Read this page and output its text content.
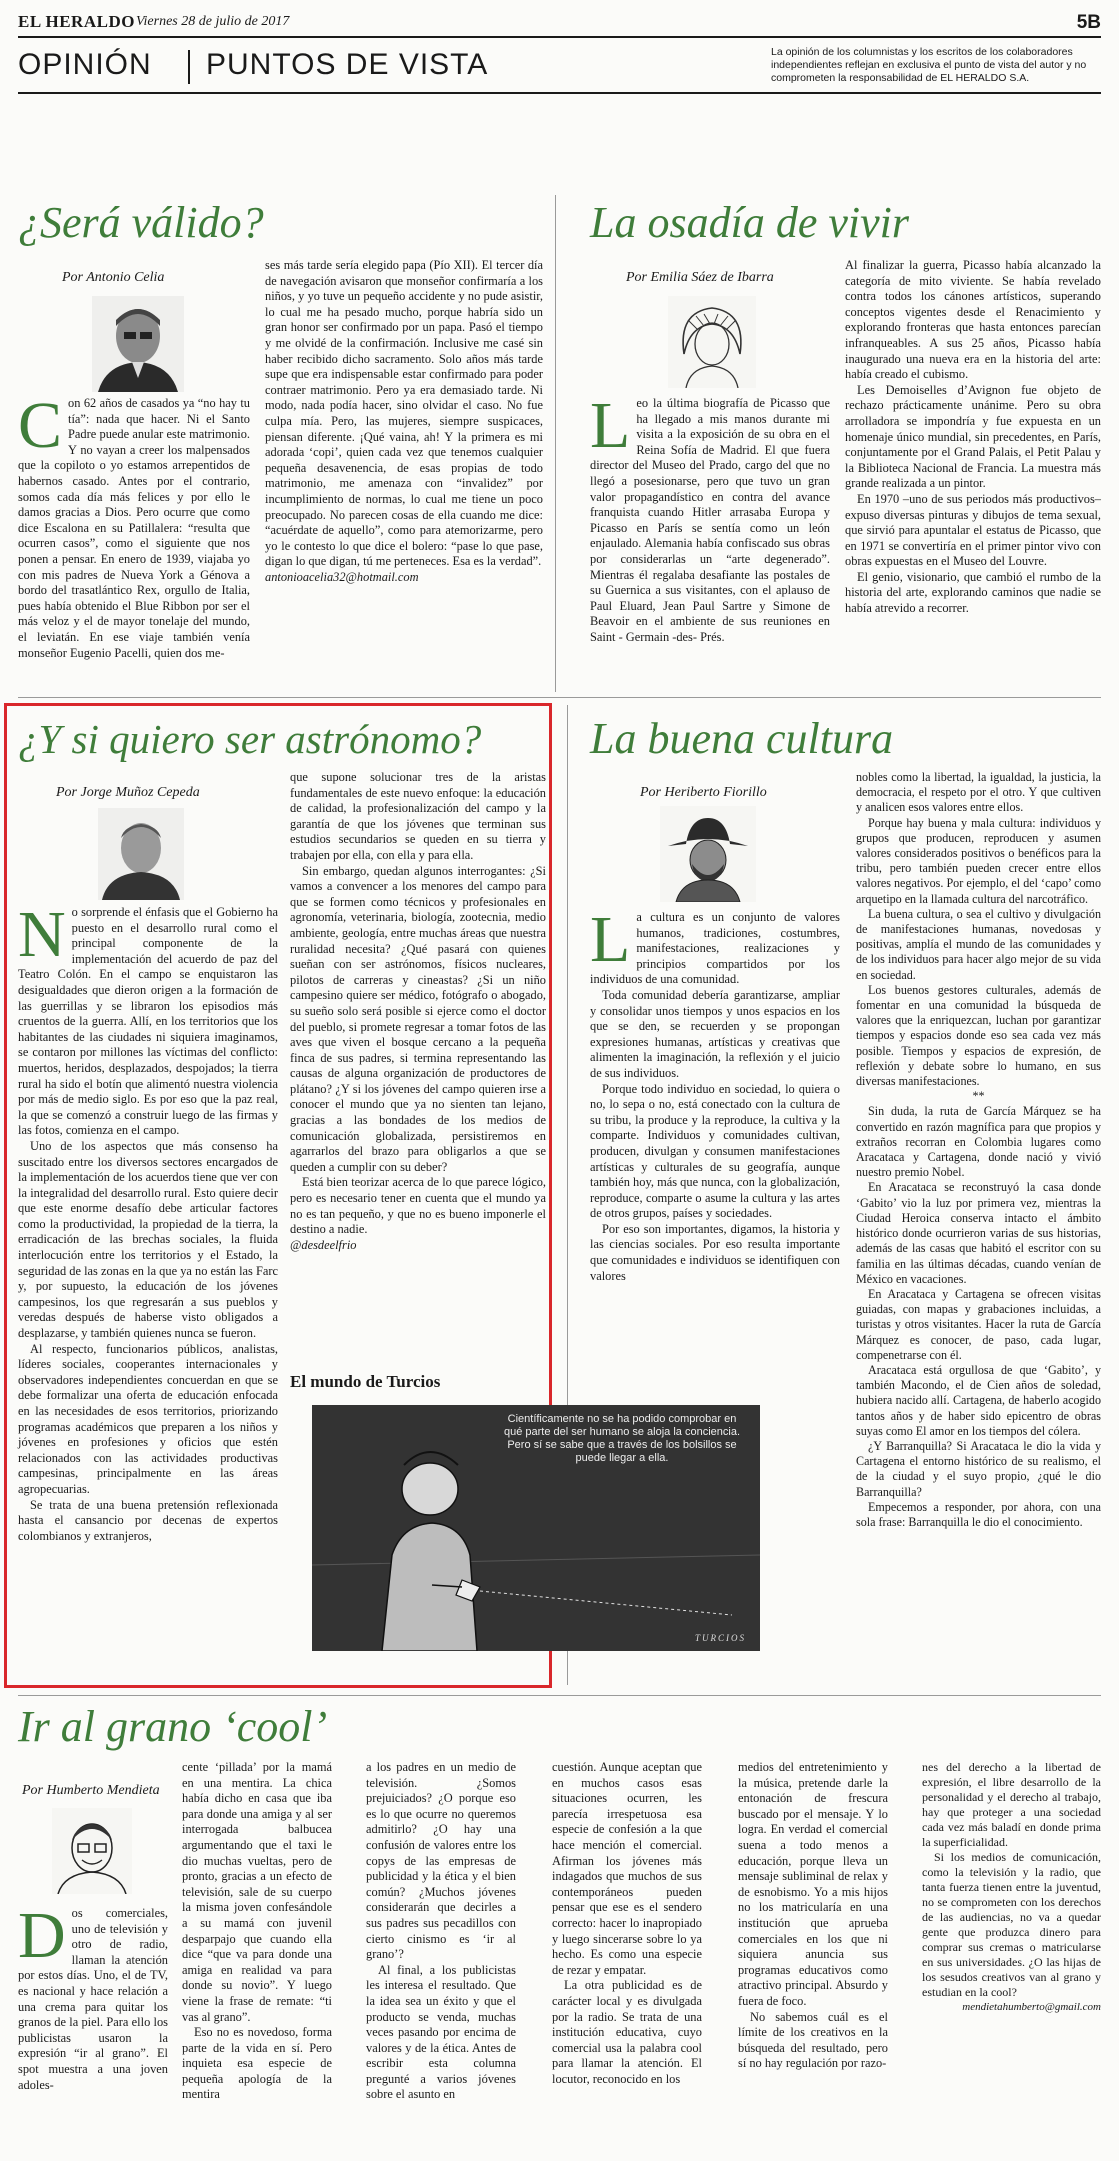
EL HERALDO Viernes 28 de julio de 2017	5B
OPINIÓN PUNTOS DE VISTA	La opinión de los columnistas y los escritos de los colaboradores independientes reflejan en exclusiva el punto de vista del autor y no comprometen la responsabilidad de EL HERALDO S.A.
¿Será válido?
Por Antonio Celia

Con 62 años de casados ya “no hay tu tía”: nada que hacer. Ni el Santo Padre puede anular este matrimonio. Y no vayan a creer los malpensados que la copiloto o yo estamos arrepentidos de habernos casado. Antes por el contrario, somos cada día más felices y por ello le damos gracias a Dios. Pero ocurre que como dice Escalona en su Patillalera: “resulta que ocurren casos”, como el siguiente que nos ponen a pensar. En enero de 1939, viajaba yo con mis padres de Nueva York a Génova a bordo del trasatlántico Rex, orgullo de Italia, pues había obtenido el Blue Ribbon por ser el más veloz y el de mayor tonelaje del mundo, el leviatán. En ese viaje también venía monseñor Eugenio Pacelli, quien dos me-

ses más tarde sería elegido papa (Pío XII). El tercer día de navegación avisaron que monseñor confirmaría a los niños, y yo tuve un pequeño accidente y no pude asistir, lo cual me ha pesado mucho, porque habría sido un gran honor ser confirmado por un papa. Pasó el tiempo y me olvidé de la confirmación. Inclusive me casé sin haber recibido dicho sacramento. Solo años más tarde supe que era indispensable estar confirmado para poder contraer matrimonio. Pero ya era demasiado tarde. Ni modo, nada podía hacer, sino olvidar el caso. No fue culpa mía. Pero, las mujeres, siempre suspicaces, piensan diferente. ¡Qué vaina, ah! Y la primera es mi adorada ‘copi’, quien cada vez que tenemos cualquier pequeña desavenencia, de esas propias de todo matrimonio, me amenaza con “invalidez” por incumplimiento de normas, lo cual me tiene un poco preocupado. No parecen cosas de ella cuando me dice: “acuérdate de aquello”, como para atemorizarme, pero yo le contesto lo que dice el bolero: “pase lo que pase, digan lo que digan, tú me perteneces. Esa es la verdad”.

antonioacelia32@hotmail.com

La osadía de vivir
Por Emilia Sáez de Ibarra

Leo la última biografía de Picasso que ha llegado a mis manos durante mi visita a la exposición de su obra en el Reina Sofía de Madrid. El que fuera director del Museo del Prado, cargo del que no llegó a posesionarse, pero que tuvo un gran valor propagandístico en contra del avance franquista cuando Hitler arrasaba Europa y Picasso en París se sentía como un león enjaulado. Alemania había confiscado sus obras por considerarlas un “arte degenerado”. Mientras él regalaba desafiante las postales de su Guernica a sus visitantes, con el aplauso de Paul Eluard, Jean Paul Sartre y Simone de Beavoir en el ambiente de sus reuniones en Saint - Germain -des- Prés.

Al finalizar la guerra, Picasso había alcanzado la categoría de mito viviente. Se había revelado contra todos los cánones artísticos, superando conceptos vigentes desde el Renacimiento y explorando fronteras que hasta entonces parecían infranqueables. A sus 25 años, Picasso había inaugurado una nueva era en la historia del arte: había creado el cubismo.

Les Demoiselles d’Avignon fue objeto de rechazo prácticamente unánime. Pero su obra arrolladora se impondría y fue expuesta en un homenaje único mundial, sin precedentes, en París, conjuntamente por el Grand Palais, el Petit Palau y la Biblioteca Nacional de Francia. La muestra más grande realizada a un pintor.

En 1970 –uno de sus periodos más productivos– expuso diversas pinturas y dibujos de tema sexual, que sirvió para apuntalar el estatus de Picasso, que en 1971 se convertiría en el primer pintor vivo con obras expuestas en el Museo del Louvre.

El genio, visionario, que cambió el rumbo de la historia del arte, explorando caminos que nadie se había atrevido a recorrer.

¿Y si quiero ser astrónomo?
Por Jorge Muñoz Cepeda

No sorprende el énfasis que el Gobierno ha puesto en el desarrollo rural como el principal componente de la implementación del acuerdo de paz del Teatro Colón. En el campo se enquistaron las desigualdades que dieron origen a la formación de las guerrillas y se libraron los episodios más cruentos de la guerra. Allí, en los territorios que los habitantes de las ciudades ni siquiera imaginamos, se contaron por millones las víctimas del conflicto: muertos, heridos, desplazados, despojados; la tierra rural ha sido el botín que alimentó nuestra violencia por más de medio siglo. Es por eso que la paz real, la que se comenzó a construir luego de las firmas y las fotos, comienza en el campo.

Uno de los aspectos que más consenso ha suscitado entre los diversos sectores encargados de la implementación de los acuerdos tiene que ver con la integralidad del desarrollo rural. Esto quiere decir que este enorme desafío debe articular factores como la productividad, la propiedad de la tierra, la erradicación de las brechas sociales, la fluida interlocución entre los territorios y el Estado, la seguridad de las zonas en la que ya no están las Farc y, por supuesto, la educación de los jóvenes campesinos, los que regresarán a sus pueblos y veredas después de haberse visto obligados a desplazarse, y también quienes nunca se fueron.

Al respecto, funcionarios públicos, analistas, líderes sociales, cooperantes internacionales y observadores independientes concuerdan en que se debe formalizar una oferta de educación enfocada en las necesidades de esos territorios, priorizando programas académicos que preparen a los niños y jóvenes en profesiones y oficios que estén relacionados con las actividades productivas campesinas, principalmente en las áreas agropecuarias.

Se trata de una buena pretensión reflexionada hasta el cansancio por decenas de expertos colombianos y extranjeros,

que supone solucionar tres de la aristas fundamentales de este nuevo enfoque: la educación de calidad, la profesionalización del campo y la garantía de que los jóvenes que terminan sus estudios secundarios se queden en su tierra y trabajen por ella, con ella y para ella.

Sin embargo, quedan algunos interrogantes: ¿Si vamos a convencer a los menores del campo para que se formen como técnicos y profesionales en agronomía, veterinaria, biología, zootecnia, medio ambiente, geología, entre muchas áreas que nuestra ruralidad necesita? ¿Qué pasará con quienes sueñan con ser astrónomos, físicos nucleares, pilotos de carreras y cineastas? ¿Si un niño campesino quiere ser médico, fotógrafo o abogado, su sueño solo será posible si ejerce como el doctor del pueblo, si promete regresar a tomar fotos de las aves que viven el bosque cercano a la pequeña finca de sus padres, si termina representando las causas de alguna organización de productores de plátano? ¿Y si los jóvenes del campo quieren irse a conocer el mundo que ya no sienten tan lejano, gracias a las bondades de los medios de comunicación globalizada, persistiremos en agarrarlos del brazo para obligarlos a que se queden a cumplir con su deber?

Está bien teorizar acerca de lo que parece lógico, pero es necesario tener en cuenta que el mundo ya no es tan pequeño, y que no es bueno imponerle el destino a nadie.

@desdeelfrio

El mundo de Turcios
Científicamente no se ha podido comprobar en qué parte del ser humano se aloja la conciencia. Pero sí se sabe que a través de los bolsillos se puede llegar a ella.
TURCIOS
La buena cultura
Por Heriberto Fiorillo

La cultura es un conjunto de valores humanos, tradiciones, costumbres, manifestaciones, realizaciones y principios compartidos por los individuos de una comunidad.

Toda comunidad debería garantizarse, ampliar y consolidar unos tiempos y unos espacios en los que se den, se recuerden y se propongan expresiones humanas, artísticas y creativas que alimenten la imaginación, la reflexión y el juicio de sus individuos.

Porque todo individuo en sociedad, lo quiera o no, lo sepa o no, está conectado con la cultura de su tribu, la produce y la reproduce, la cultiva y la comparte. Individuos y comunidades cultivan, producen, divulgan y consumen manifestaciones artísticas y culturales de su geografía, aunque también hoy, más que nunca, con la globalización, reproduce, comparte o asume la cultura y las artes de otros grupos, países y sociedades.

Por eso son importantes, digamos, la historia y las ciencias sociales. Por eso resulta importante que comunidades e individuos se identifiquen con valores

nobles como la libertad, la igualdad, la justicia, la democracia, el respeto por el otro. Y que cultiven y analicen esos valores entre ellos.

Porque hay buena y mala cultura: individuos y grupos que producen, reproducen y asumen valores considerados positivos o benéficos para la tribu, pero también pueden crecer entre ellos valores negativos. Por ejemplo, el del ‘capo’ como arquetipo en la llamada cultura del narcotráfico.

La buena cultura, o sea el cultivo y divulgación de manifestaciones humanas, novedosas y positivas, amplía el mundo de las comunidades y de los individuos para hacer algo mejor de su vida en sociedad.

Los buenos gestores culturales, además de fomentar en una comunidad la búsqueda de valores que la enriquezcan, luchan por garantizar tiempos y espacios donde eso sea cada vez más posible. Tiempos y espacios de expresión, de reflexión y debate sobre lo humano, en sus diversas manifestaciones.

**

Sin duda, la ruta de García Márquez se ha convertido en razón magnífica para que propios y extraños recorran en Colombia lugares como Aracataca y Cartagena, donde nació y vivió nuestro premio Nobel.

En Aracataca se reconstruyó la casa donde ‘Gabito’ vio la luz por primera vez, mientras la Ciudad Heroica conserva intacto el ámbito histórico donde ocurrieron varias de sus historias, además de las casas que habitó el escritor con su familia en las últimas décadas, cuando venían de México en vacaciones.

En Aracataca y Cartagena se ofrecen visitas guiadas, con mapas y grabaciones incluidas, a turistas y otros visitantes. Hacer la ruta de García Márquez es conocer, de paso, cada lugar, compenetrarse con él.

Aracataca está orgullosa de que ‘Gabito’, y también Macondo, el de Cien años de soledad, hubiera nacido allí. Cartagena, de haberlo acogido tantos años y de haber sido epicentro de obras suyas como El amor en los tiempos del cólera.

¿Y Barranquilla? Si Aracataca le dio la vida y Cartagena el entorno histórico de su realismo, el de la ciudad y el suyo propio, ¿qué le dio Barranquilla?

Empecemos a responder, por ahora, con una sola frase: Barranquilla le dio el conocimiento.

Ir al grano ‘cool’
Por Humberto Mendieta

Dos comerciales, uno de televisión y otro de radio, llaman la atención por estos días. Uno, el de TV, es nacional y hace relación a una crema para quitar los granos de la piel. Para ello los publicistas usaron la expresión “ir al grano”. El spot muestra a una joven adoles-

cente ‘pillada’ por la mamá en una mentira. La chica había dicho en casa que iba para donde una amiga y al ser interrogada balbucea argumentando que el taxi le dio muchas vueltas, pero de pronto, gracias a un efecto de televisión, sale de su cuerpo la misma joven confesándole a su mamá con juvenil desparpajo que cuando ella dice “que va para donde una amiga en realidad va para donde su novio”. Y luego viene la frase de remate: “ti vas al grano”.

Eso no es novedoso, forma parte de la vida en sí. Pero inquieta esa especie de pequeña apología de la mentira

a los padres en un medio de televisión. ¿Somos prejuiciados? ¿O porque eso es lo que ocurre no queremos admitirlo? ¿O hay una confusión de valores entre los copys de las empresas de publicidad y la ética y el bien común? ¿Muchos jóvenes considerarán que decirles a sus padres sus pecadillos con cierto cinismo es ‘ir al grano’?

Al final, a los publicistas les interesa el resultado. Que la idea sea un éxito y que el producto se venda, muchas veces pasando por encima de valores y de la ética. Antes de escribir esta columna pregunté a varios jóvenes sobre el asunto en

cuestión. Aunque aceptan que en muchos casos esas situaciones ocurren, les parecía irrespetuosa esa especie de confesión a la que hace mención el comercial. Afirman los jóvenes más indagados que muchos de sus contemporáneos pueden pensar que ese es el sendero correcto: hacer lo inapropiado y luego sincerarse sobre lo ya hecho. Es como una especie de rezar y empatar.

La otra publicidad es de carácter local y es divulgada por la radio. Se trata de una institución educativa, cuyo comercial usa la palabra cool para llamar la atención. El locutor, reconocido en los

medios del entretenimiento y la música, pretende darle la entonación de frescura buscado por el mensaje. Y lo logra. En verdad el comercial suena a todo menos a educación, porque lleva un mensaje subliminal de relax y de esnobismo. Yo a mis hijos no los matricularía en una institución que aprueba comerciales en los que ni siquiera anuncia sus programas educativos como atractivo principal. Absurdo y fuera de foco.

No sabemos cuál es el límite de los creativos en la búsqueda del resultado, pero sí no hay regulación por razo-

nes del derecho a la libertad de expresión, el libre desarrollo de la personalidad y el derecho al trabajo, hay que proteger a una sociedad cada vez más baladí en donde prima la superficialidad.

Si los medios de comunicación, como la televisión y la radio, que tanta fuerza tienen entre la juventud, no se comprometen con los derechos de las audiencias, no va a quedar gente que produzca dinero para comprar sus cremas o matricularse en sus universidades. ¿O las hijas de los sesudos creativos van al grano y estudian en la cool?

mendietahumberto@gmail.com
